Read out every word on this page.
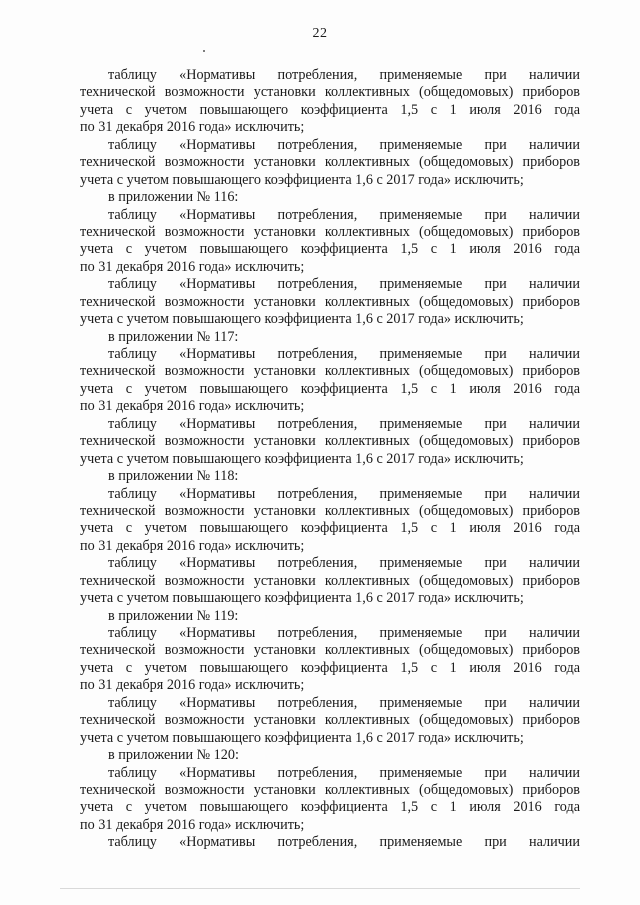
22
таблицу «Нормативы потребления, применяемые при наличии
технической возможности установки коллективных (общедомовых) приборов
учета с учетом повышающего коэффициента 1,5 с 1 июля 2016 года
по 31 декабря 2016 года» исключить;
таблицу «Нормативы потребления, применяемые при наличии
технической возможности установки коллективных (общедомовых) приборов
учета с учетом повышающего коэффициента 1,6 с 2017 года» исключить;
в приложении № 116:
таблицу «Нормативы потребления, применяемые при наличии
технической возможности установки коллективных (общедомовых) приборов
учета с учетом повышающего коэффициента 1,5 с 1 июля 2016 года
по 31 декабря 2016 года» исключить;
таблицу «Нормативы потребления, применяемые при наличии
технической возможности установки коллективных (общедомовых) приборов
учета с учетом повышающего коэффициента 1,6 с 2017 года» исключить;
в приложении № 117:
таблицу «Нормативы потребления, применяемые при наличии
технической возможности установки коллективных (общедомовых) приборов
учета с учетом повышающего коэффициента 1,5 с 1 июля 2016 года
по 31 декабря 2016 года» исключить;
таблицу «Нормативы потребления, применяемые при наличии
технической возможности установки коллективных (общедомовых) приборов
учета с учетом повышающего коэффициента 1,6 с 2017 года» исключить;
в приложении № 118:
таблицу «Нормативы потребления, применяемые при наличии
технической возможности установки коллективных (общедомовых) приборов
учета с учетом повышающего коэффициента 1,5 с 1 июля 2016 года
по 31 декабря 2016 года» исключить;
таблицу «Нормативы потребления, применяемые при наличии
технической возможности установки коллективных (общедомовых) приборов
учета с учетом повышающего коэффициента 1,6 с 2017 года» исключить;
в приложении № 119:
таблицу «Нормативы потребления, применяемые при наличии
технической возможности установки коллективных (общедомовых) приборов
учета с учетом повышающего коэффициента 1,5 с 1 июля 2016 года
по 31 декабря 2016 года» исключить;
таблицу «Нормативы потребления, применяемые при наличии
технической возможности установки коллективных (общедомовых) приборов
учета с учетом повышающего коэффициента 1,6 с 2017 года» исключить;
в приложении № 120:
таблицу «Нормативы потребления, применяемые при наличии
технической возможности установки коллективных (общедомовых) приборов
учета с учетом повышающего коэффициента 1,5 с 1 июля 2016 года
по 31 декабря 2016 года» исключить;
таблицу «Нормативы потребления, применяемые при наличии
